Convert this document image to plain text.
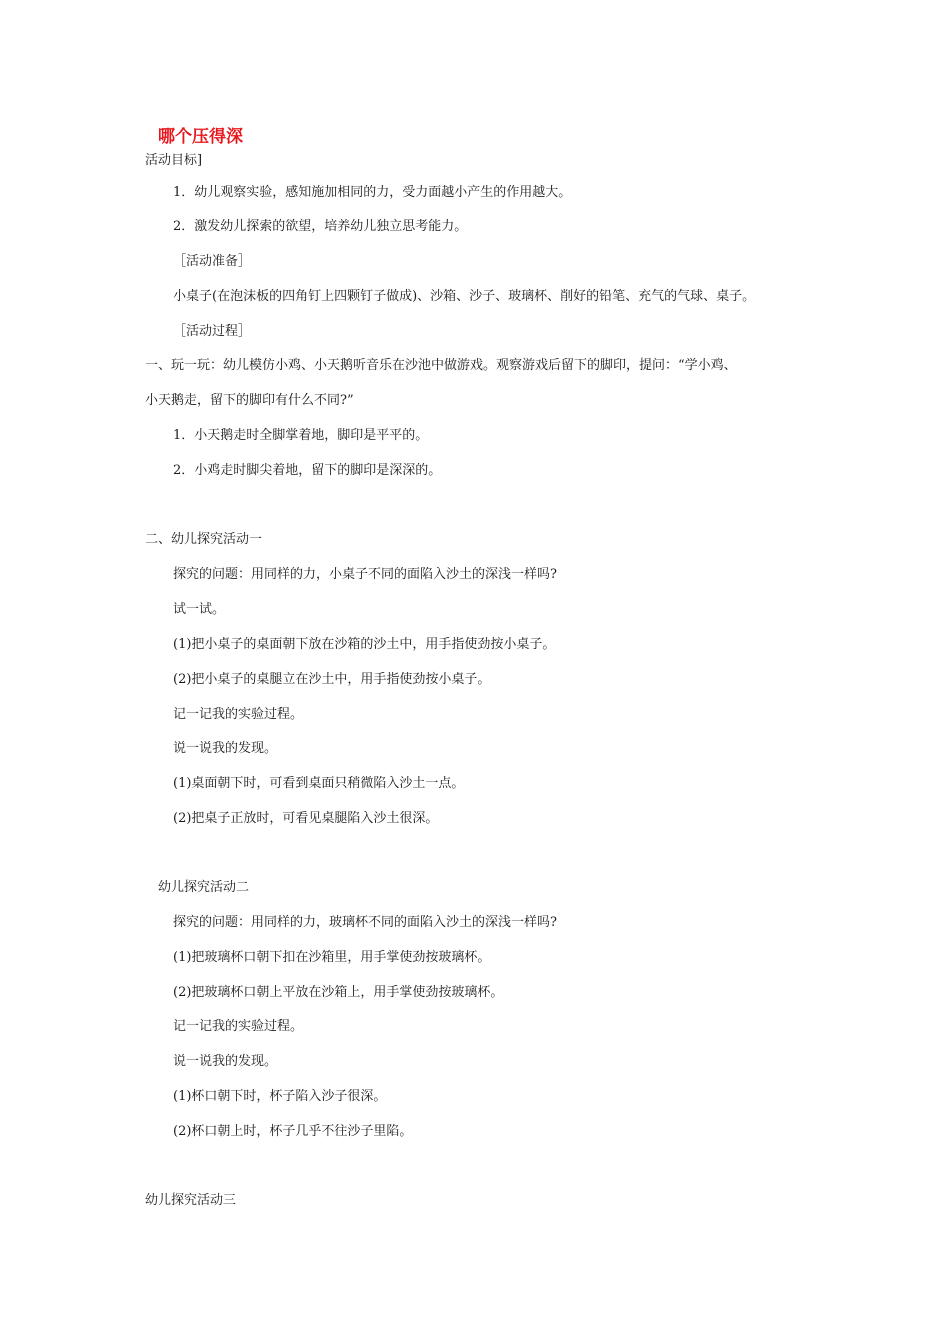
哪个压得深
活动目标]
1．幼儿观察实验，感知施加相同的力，受力面越小产生的作用越大。
2．激发幼儿探索的欲望，培养幼儿独立思考能力。
［活动准备］
小桌子(在泡沫板的四角钉上四颗钉子做成)、沙箱、沙子、玻璃杯、削好的铅笔、充气的气球、桌子。
［活动过程］
一、玩一玩：幼儿模仿小鸡、小天鹅听音乐在沙池中做游戏。观察游戏后留下的脚印，提问：“学小鸡、
小天鹅走，留下的脚印有什么不同?”
1．小天鹅走时全脚掌着地，脚印是平平的。
2．小鸡走时脚尖着地，留下的脚印是深深的。
二、幼儿探究活动一
探究的问题：用同样的力，小桌子不同的面陷入沙土的深浅一样吗?
试一试。
(1)把小桌子的桌面朝下放在沙箱的沙土中，用手指使劲按小桌子。
(2)把小桌子的桌腿立在沙土中，用手指使劲按小桌子。
记一记我的实验过程。
说一说我的发现。
(1)桌面朝下时，可看到桌面只稍微陷入沙土一点。
(2)把桌子正放时，可看见桌腿陷入沙土很深。
幼儿探究活动二
探究的问题：用同样的力，玻璃杯不同的面陷入沙土的深浅一样吗?
(1)把玻璃杯口朝下扣在沙箱里，用手掌使劲按玻璃杯。
(2)把玻璃杯口朝上平放在沙箱上，用手掌使劲按玻璃杯。
记一记我的实验过程。
说一说我的发现。
(1)杯口朝下时，杯子陷入沙子很深。
(2)杯口朝上时，杯子几乎不往沙子里陷。
幼儿探究活动三
